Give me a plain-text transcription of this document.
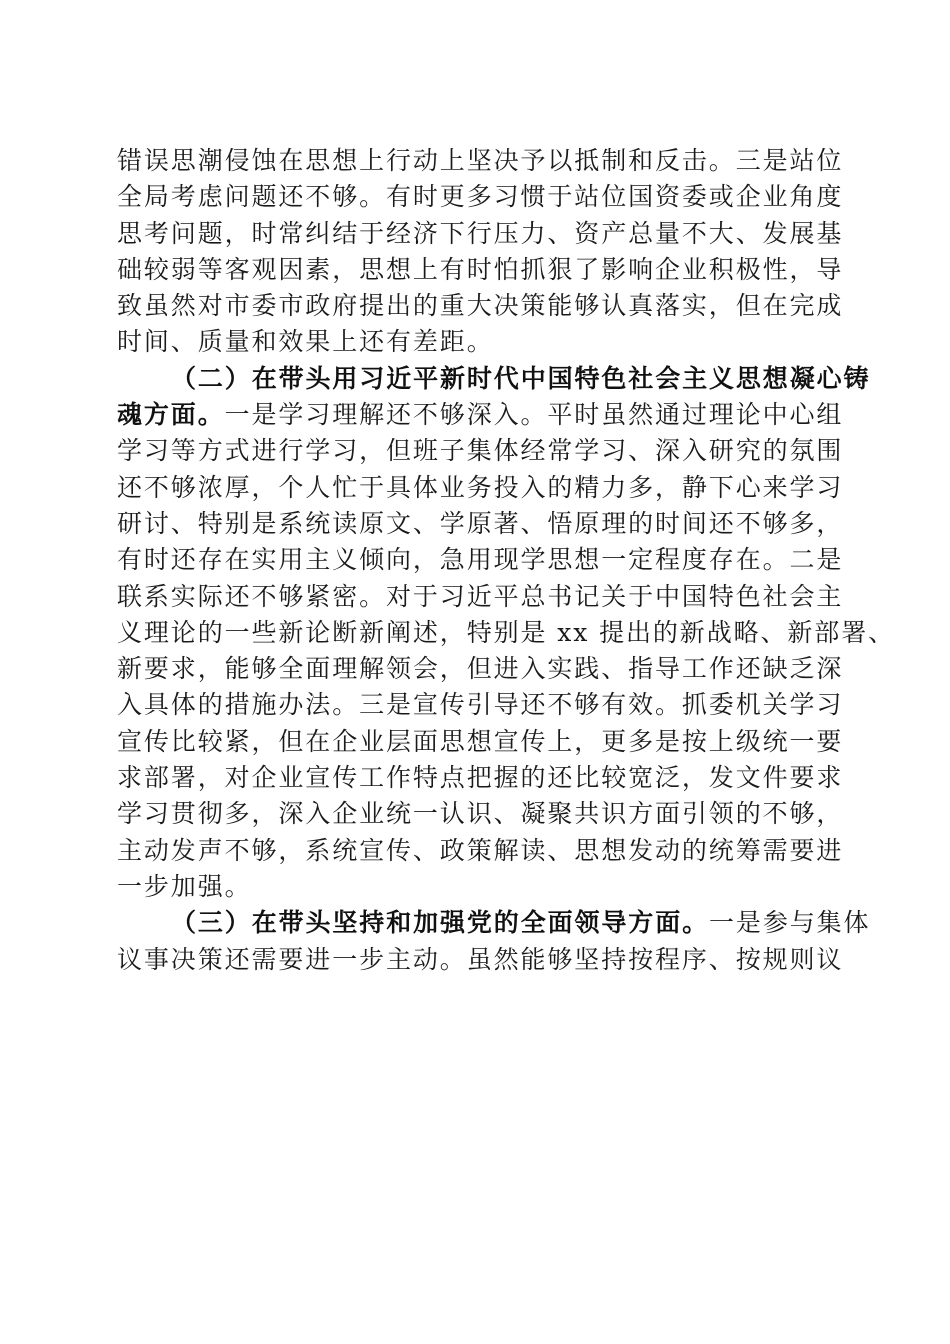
错误思潮侵蚀在思想上行动上坚决予以抵制和反击。三是站位
全局考虑问题还不够。有时更多习惯于站位国资委或企业角度
思考问题，时常纠结于经济下行压力、资产总量不大、发展基
础较弱等客观因素，思想上有时怕抓狠了影响企业积极性，导
致虽然对市委市政府提出的重大决策能够认真落实，但在完成
时间、质量和效果上还有差距。
（二）在带头用习近平新时代中国特色社会主义思想凝心铸
魂方面。一是学习理解还不够深入。平时虽然通过理论中心组
学习等方式进行学习，但班子集体经常学习、深入研究的氛围
还不够浓厚，个人忙于具体业务投入的精力多，静下心来学习
研讨、特别是系统读原文、学原著、悟原理的时间还不够多，
有时还存在实用主义倾向，急用现学思想一定程度存在。二是
联系实际还不够紧密。对于习近平总书记关于中国特色社会主
义理论的一些新论断新阐述，特别是 xx 提出的新战略、新部署、
新要求，能够全面理解领会，但进入实践、指导工作还缺乏深
入具体的措施办法。三是宣传引导还不够有效。抓委机关学习
宣传比较紧，但在企业层面思想宣传上，更多是按上级统一要
求部署，对企业宣传工作特点把握的还比较宽泛，发文件要求
学习贯彻多，深入企业统一认识、凝聚共识方面引领的不够，
主动发声不够，系统宣传、政策解读、思想发动的统筹需要进
一步加强。
（三）在带头坚持和加强党的全面领导方面。一是参与集体
议事决策还需要进一步主动。虽然能够坚持按程序、按规则议
